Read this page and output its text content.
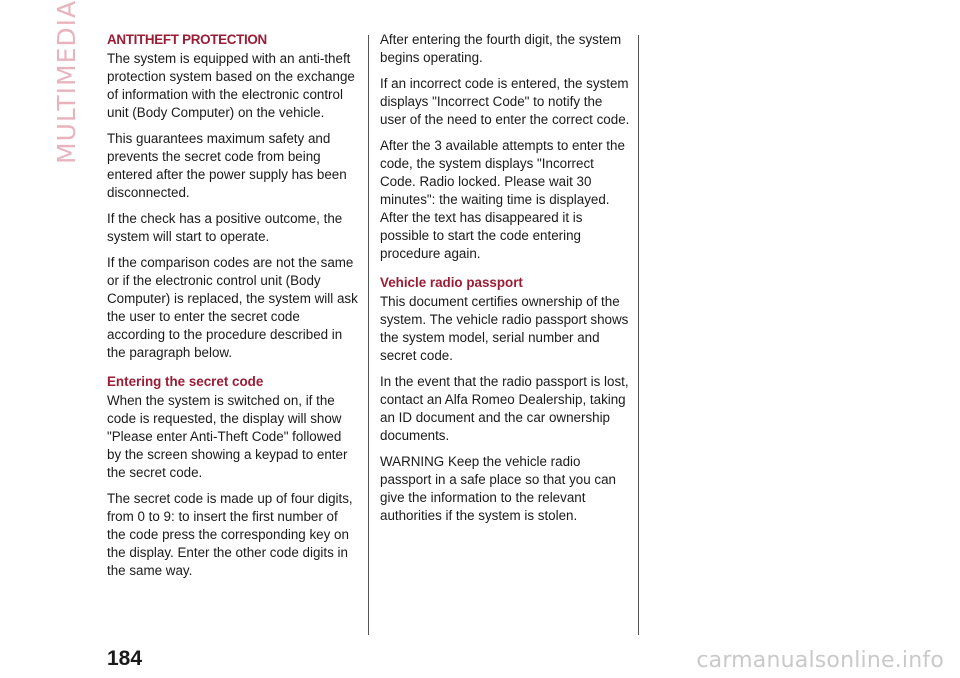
MULTIMEDIA ANTITHEFT PROTECTION

The system is equipped with an anti-theft protection system based on the exchange of information with the electronic control unit (Body Computer) on the vehicle.

This guarantees maximum safety and prevents the secret code from being entered after the power supply has been disconnected.

If the check has a positive outcome, the system will start to operate.

If the comparison codes are not the same or if the electronic control unit (Body Computer) is replaced, the system will ask the user to enter the secret code according to the procedure described in the paragraph below.

Entering the secret code

When the system is switched on, if the code is requested, the display will show "Please enter Anti-Theft Code" followed by the screen showing a keypad to enter the secret code.

The secret code is made up of four digits, from 0 to 9: to insert the first number of the code press the corresponding key on the display. Enter the other code digits in the same way.

After entering the fourth digit, the system begins operating.

If an incorrect code is entered, the system displays "Incorrect Code" to notify the user of the need to enter the correct code.

After the 3 available attempts to enter the code, the system displays "Incorrect Code. Radio locked. Please wait 30 minutes": the waiting time is displayed. After the text has disappeared it is possible to start the code entering procedure again.

Vehicle radio passport

This document certifies ownership of the system. The vehicle radio passport shows the system model, serial number and secret code.

In the event that the radio passport is lost, contact an Alfa Romeo Dealership, taking an ID document and the car ownership documents.

WARNING Keep the vehicle radio passport in a safe place so that you can give the information to the relevant authorities if the system is stolen.

184	carmanualsonline.info
